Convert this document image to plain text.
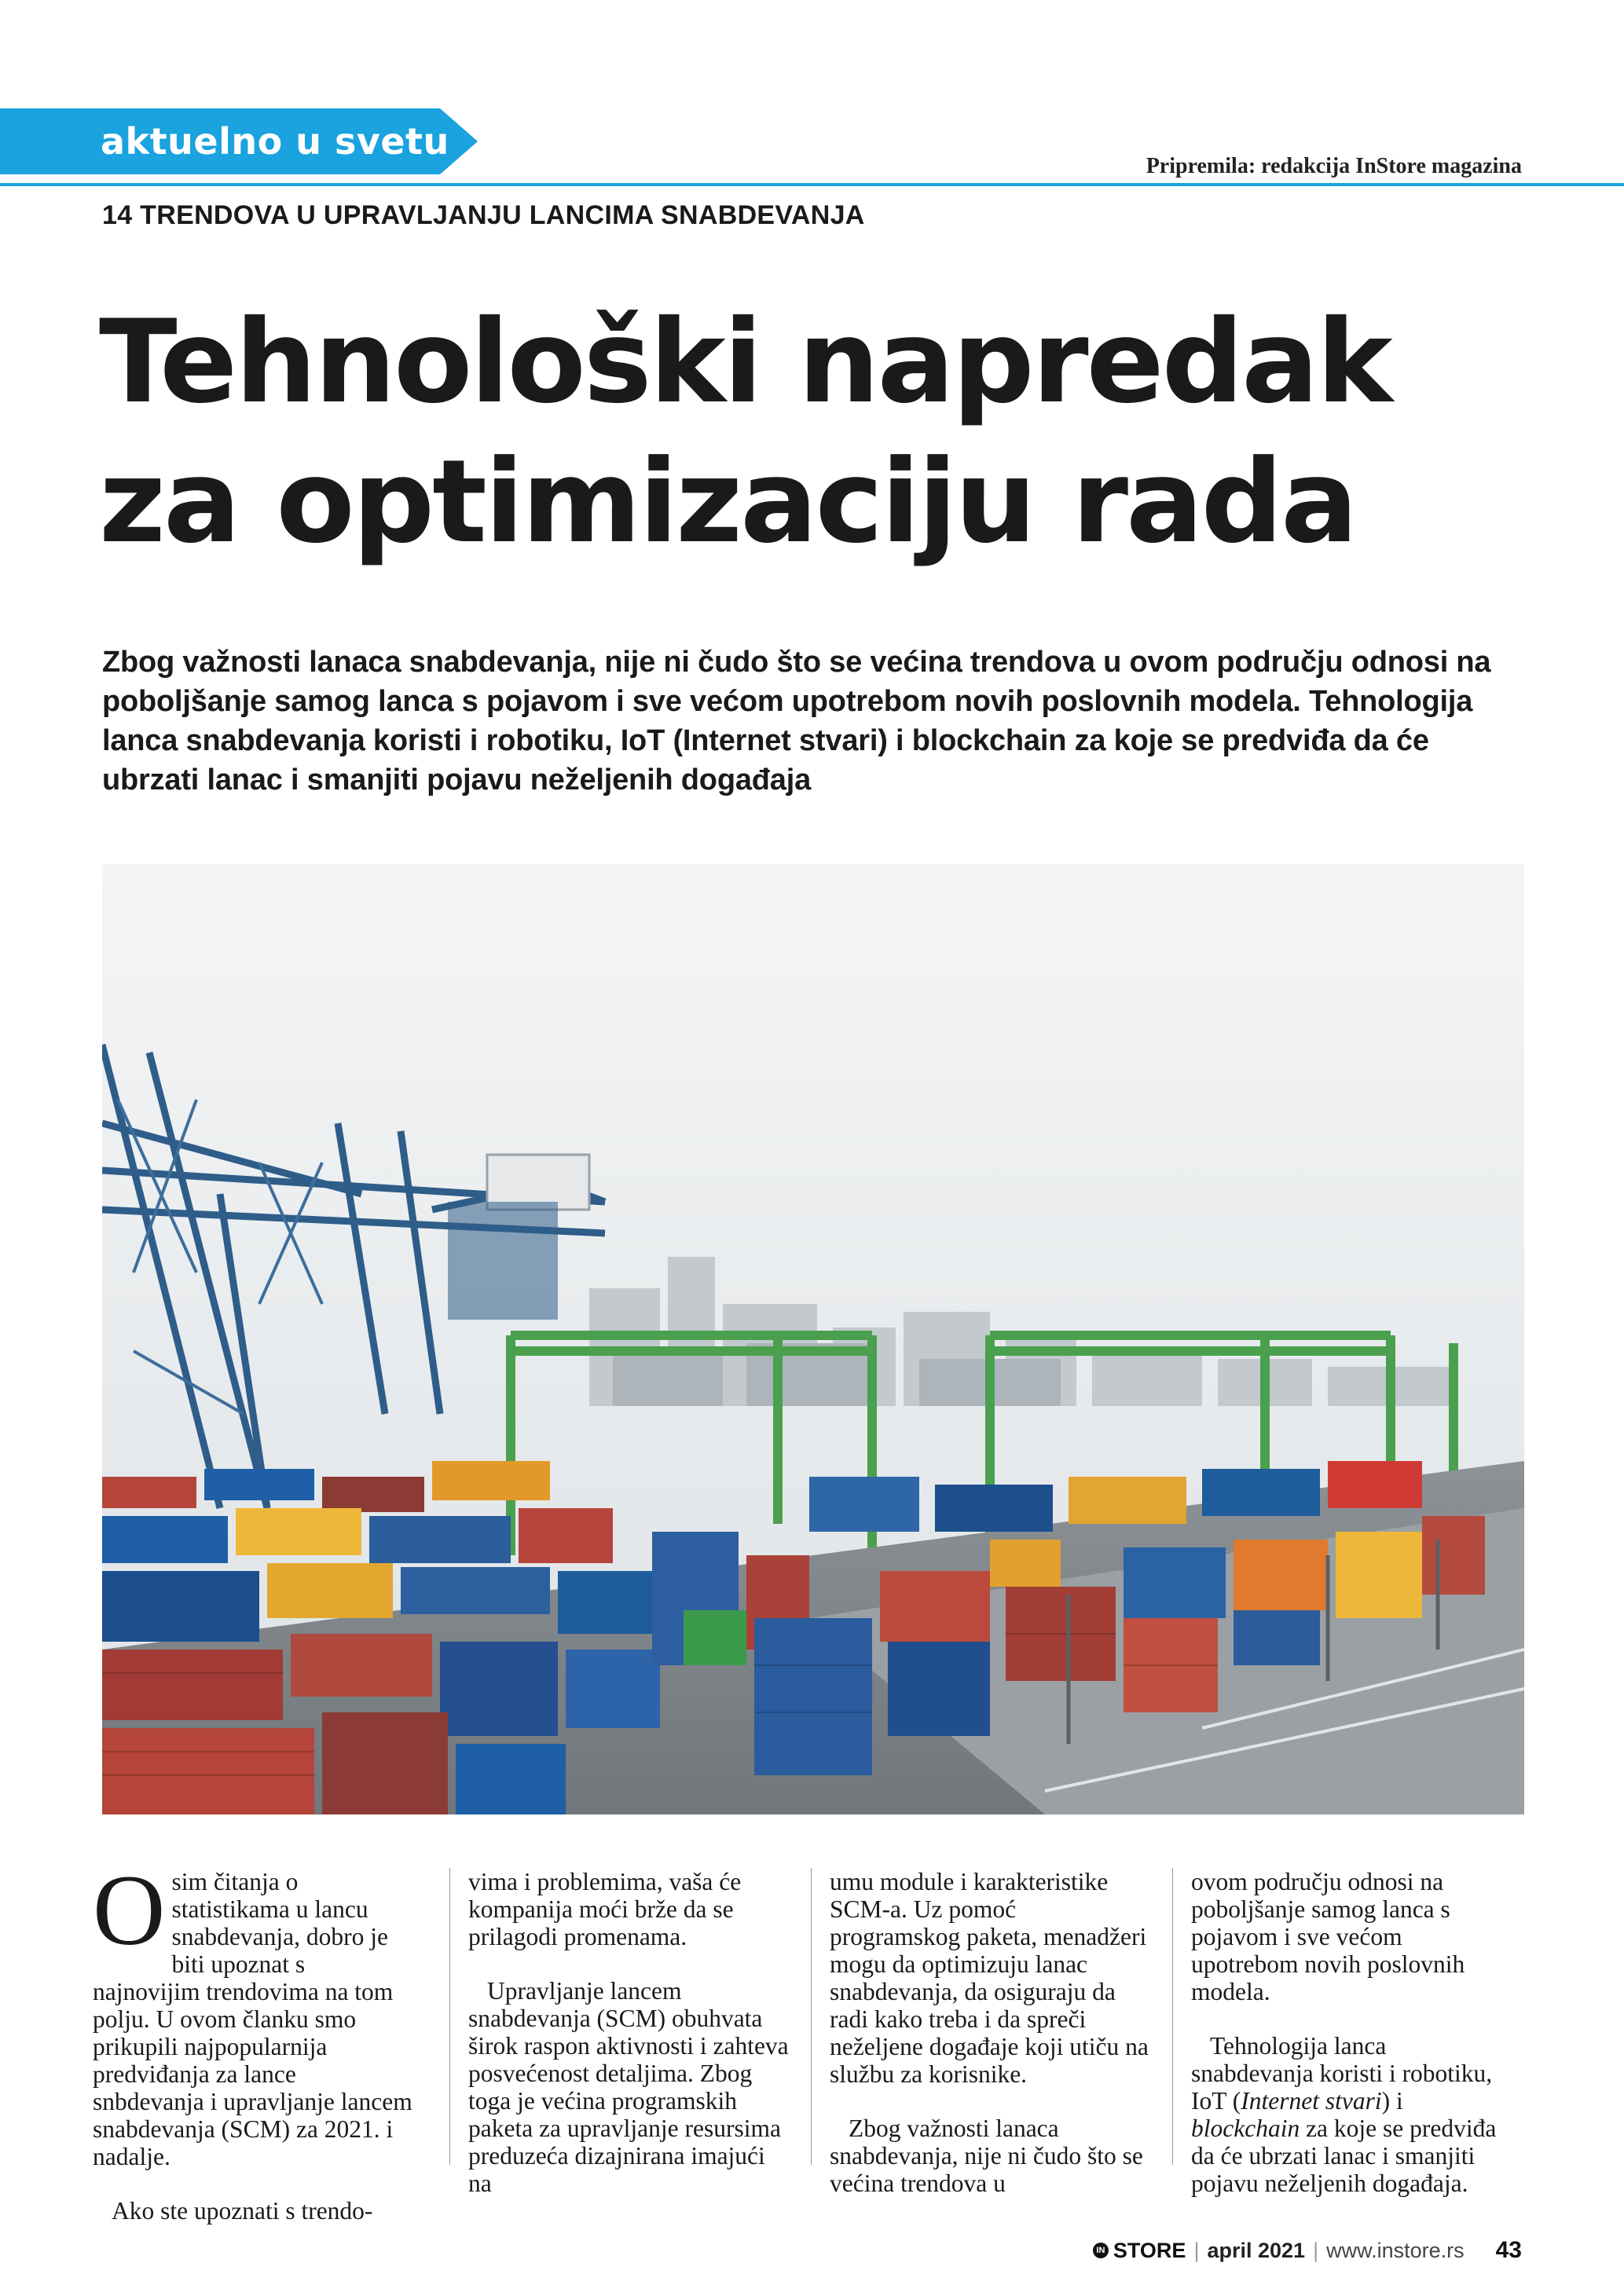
aktuelno u svetu
Pripremila: redakcija InStore magazina
14 TRENDOVA U UPRAVLJANJU LANCIMA SNABDEVANJA
Tehnološki napredak
za optimizaciju rada

Zbog važnosti lanaca snabdevanja, nije ni čudo što se većina trendova u ovom području odnosi na poboljšanje samog lanca s pojavom i sve većom upotrebom novih poslovnih modela. Tehnologija lanca snabdevanja koristi i robotiku, IoT (Internet stvari) i blockchain za koje se predviđa da će ubrzati lanac i smanjiti pojavu neželjenih događaja

Osim čitanja o statistikama u lancu snabdevanja, dobro je biti upoznat s najnovijim trendovima na tom polju. U ovom članku smo prikupili najpopularnija predviđanja za lance snbdevanja i upravljanje lancem snabdevanja (SCM) za 2021. i nadalje.

Ako ste upoznati s trendo-

vima i problemima, vaša će kompanija moći brže da se prilagodi promenama.

Upravljanje lancem snabdevanja (SCM) obuhvata širok raspon aktivnosti i zahteva posvećenost detaljima. Zbog toga je većina programskih paketa za upravljanje resursima preduzeća dizajnirana imajući na

umu module i karakteristike SCM-a. Uz pomoć programskog paketa, menadžeri mogu da optimizuju lanac snabdevanja, da osiguraju da radi kako treba i da spreči neželjene događaje koji utiču na službu za korisnike.

Zbog važnosti lanaca snabdevanja, nije ni čudo što se većina trendova u

ovom području odnosi na poboljšanje samog lanca s pojavom i sve većom upotrebom novih poslovnih modela.

Tehnologija lanca snabdevanja koristi i robotiku, IoT (Internet stvari) i blockchain za koje se predviđa da će ubrzati lanac i smanjiti pojavu neželjenih događaja.

IN STORE | april 2021 | www.instore.rs 43
